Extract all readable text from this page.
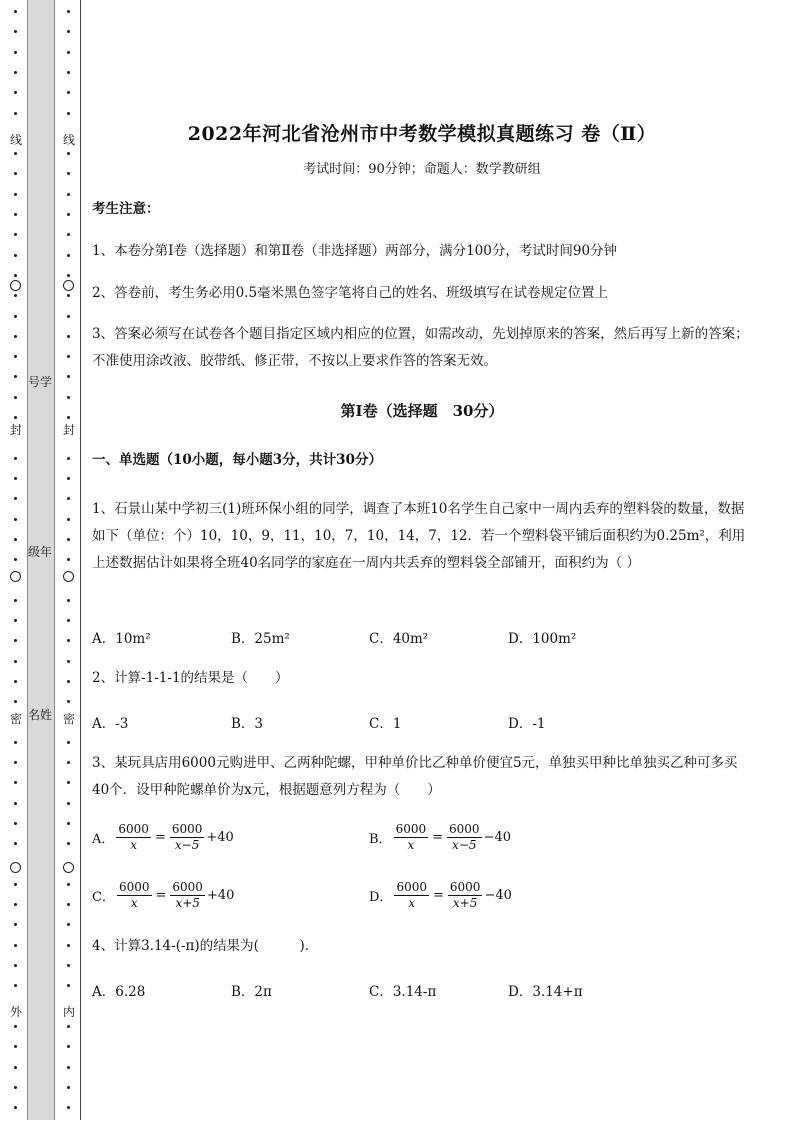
线
封
密
外
线
封
密
内
号学
级年
名姓
2022年河北省沧州市中考数学模拟真题练习 卷（Ⅱ）
考试时间：90分钟；命题人：数学教研组
考生注意：
1、本卷分第Ⅰ卷（选择题）和第Ⅱ卷（非选择题）两部分，满分100分，考试时间90分钟
2、答卷前，考生务必用0.5毫米黑色签字笔将自己的姓名、班级填写在试卷规定位置上
3、答案必须写在试卷各个题目指定区域内相应的位置，如需改动，先划掉原来的答案，然后再写上新的答案；不准使用涂改液、胶带纸、修正带，不按以上要求作答的答案无效。
第Ⅰ卷（选择题　30分）
一、单选题（10小题，每小题3分，共计30分）
1、石景山某中学初三(1)班环保小组的同学，调查了本班10名学生自己家中一周内丢弃的塑料袋的数量，数据如下（单位：个）10，10，9，11，10，7，10，14，7，12．若一个塑料袋平铺后面积约为0.25m²，利用上述数据估计如果将全班40名同学的家庭在一周内共丢弃的塑料袋全部铺开，面积约为（ ）
A．10m²	B．25m²	C．40m²	D．100m²
2、计算-1-1-1的结果是（　　）
A．-3	B．3	C．1	D．-1
3、某玩具店用6000元购进甲、乙两种陀螺，甲种单价比乙种单价便宜5元，单独买甲种比单独买乙种可多买40个．设甲种陀螺单价为x元，根据题意列方程为（　　）
A． $\frac{6000}{x} = \frac{6000}{x-5} +40$	B． $\frac{6000}{x} = \frac{6000}{x-5} -40$
C． $\frac{6000}{x} = \frac{6000}{x+5} +40$	D． $\frac{6000}{x} = \frac{6000}{x+5} -40$
4、计算3.14-(-π)的结果为(　　　)．
A．6.28	B．2π	C．3.14-π	D．3.14+π
